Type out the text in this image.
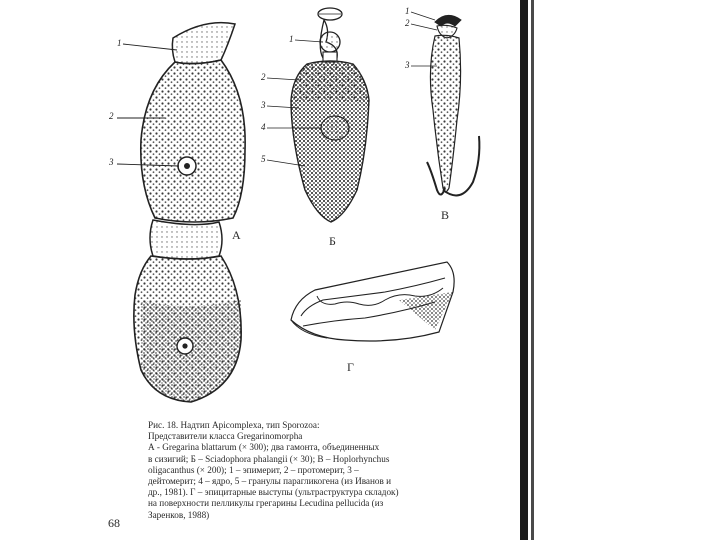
А	Б
В
Г
1
2
3
1
2
3
4
5
1
2
3
Рис. 18. Надтип Apicomplexa, тип Sporozoa:
Представители класса Gregarinomorpha
А - Gregarina blattarum (× 300); два гамонта, объединенных
в сизигий; Б – Sciadophora phalangii (× 30); В – Hoplorhynchus
oligacanthus (× 200); 1 – эпимерит, 2 – протомерит, 3 –
дейтомерит; 4 – ядро, 5 – гранулы парагликогена (из Иванов и
др., 1981). Г – эпицитарные выступы (ультраструктура складок)
на поверхности пелликулы грегарины Lecudina pellucida (из
Заренков, 1988)
68
